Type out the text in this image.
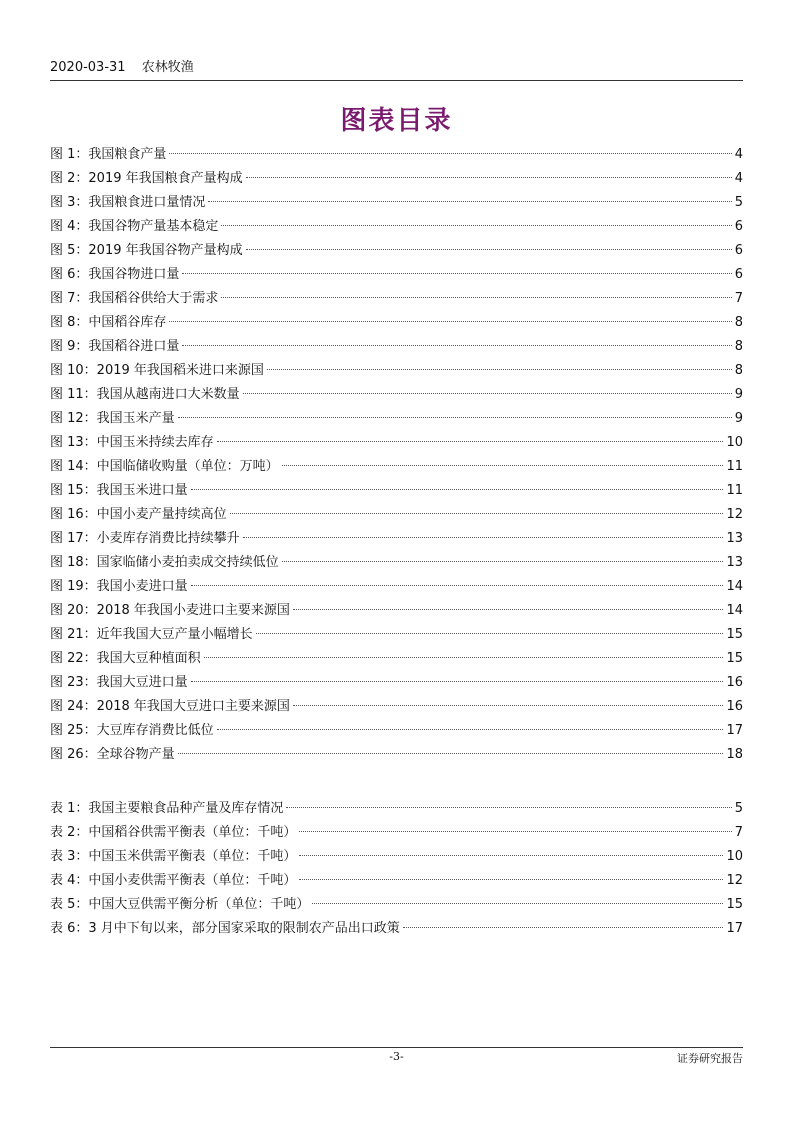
2020-03-31 农林牧渔
图表目录
图 1：我国粮食产量	4
图 2：2019 年我国粮食产量构成	4
图 3：我国粮食进口量情况	5
图 4：我国谷物产量基本稳定	6
图 5：2019 年我国谷物产量构成	6
图 6：我国谷物进口量	6
图 7：我国稻谷供给大于需求	7
图 8：中国稻谷库存	8
图 9：我国稻谷进口量	8
图 10：2019 年我国稻米进口来源国	8
图 11：我国从越南进口大米数量	9
图 12：我国玉米产量	9
图 13：中国玉米持续去库存	10
图 14：中国临储收购量（单位：万吨）	11
图 15：我国玉米进口量	11
图 16：中国小麦产量持续高位	12
图 17：小麦库存消费比持续攀升	13
图 18：国家临储小麦拍卖成交持续低位	13
图 19：我国小麦进口量	14
图 20：2018 年我国小麦进口主要来源国	14
图 21：近年我国大豆产量小幅增长	15
图 22：我国大豆种植面积	15
图 23：我国大豆进口量	16
图 24：2018 年我国大豆进口主要来源国	16
图 25：大豆库存消费比低位	17
图 26：全球谷物产量	18
表 1：我国主要粮食品种产量及库存情况	5
表 2：中国稻谷供需平衡表（单位：千吨）	7
表 3：中国玉米供需平衡表（单位：千吨）	10
表 4：中国小麦供需平衡表（单位：千吨）	12
表 5：中国大豆供需平衡分析（单位：千吨）	15
表 6：3 月中下旬以来，部分国家采取的限制农产品出口政策	17
-3-	证券研究报告
